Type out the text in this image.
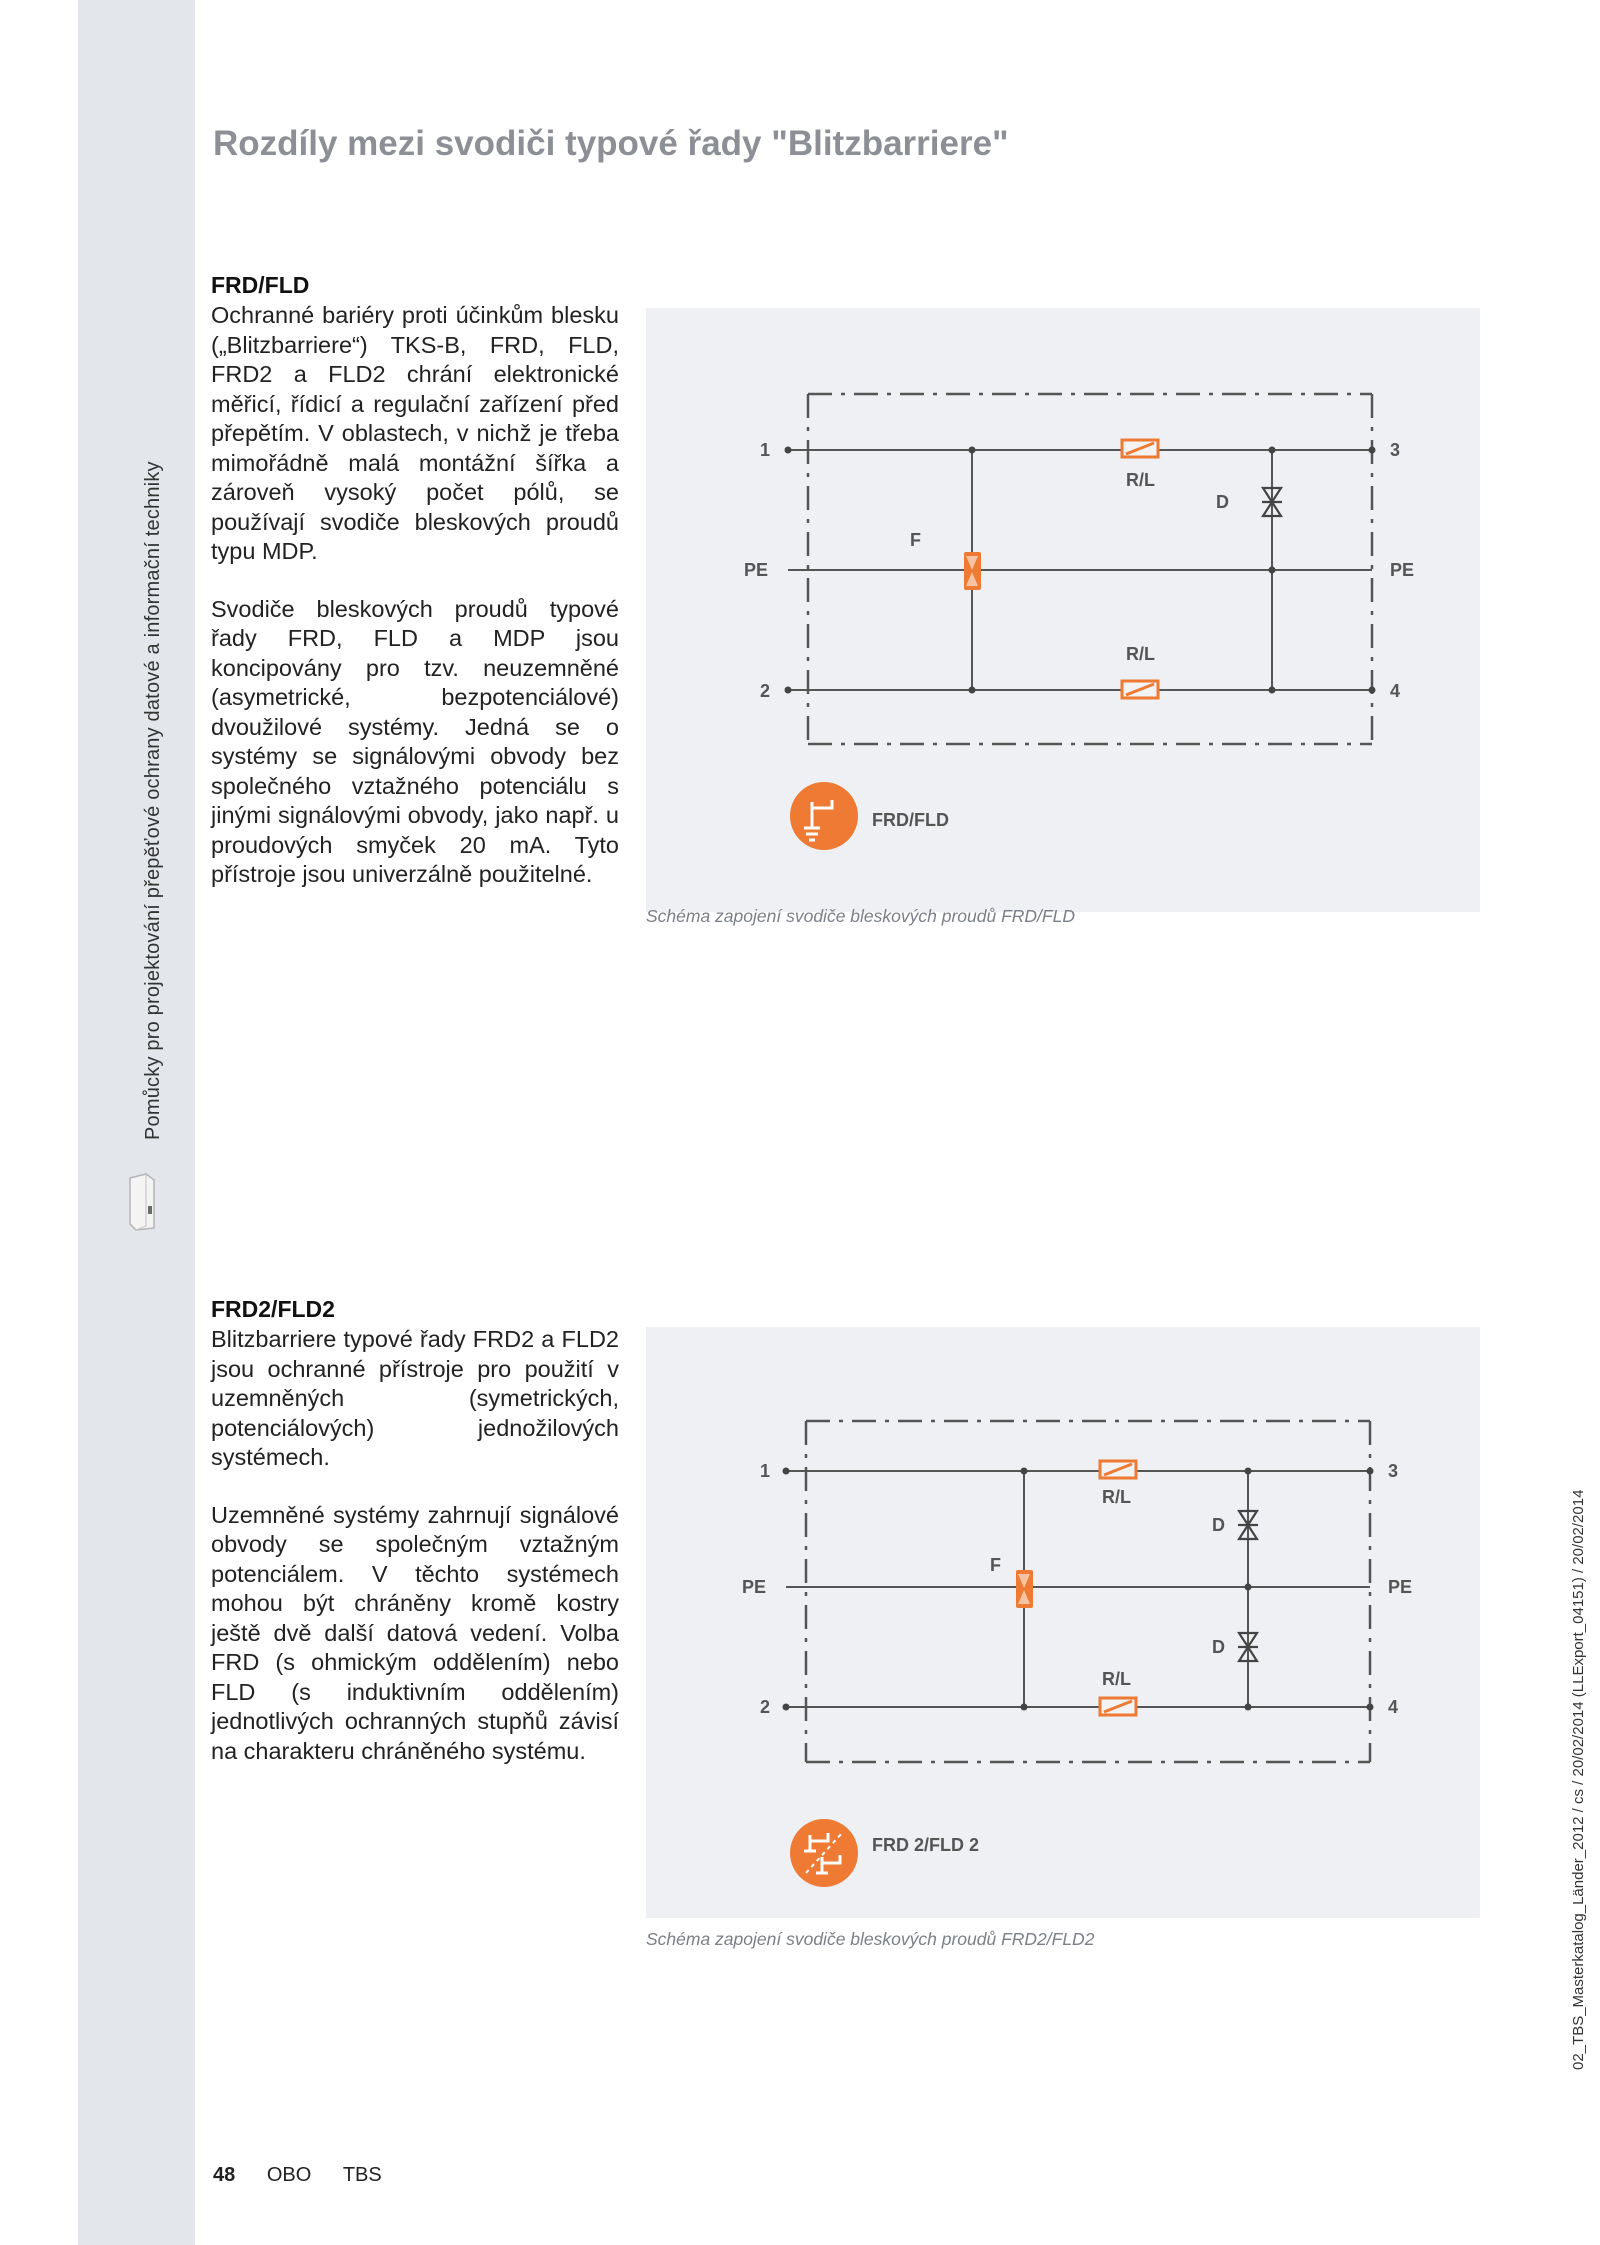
Pomůcky pro projektování přepěťové ochrany datové a informační techniky
02_TBS_Masterkatalog_Länder_2012 / cs / 20/02/2014 (LLExport_04151) / 20/02/2014
Rozdíly mezi svodiči typové řady "Blitzbarriere"
FRD/FLD

Ochranné bariéry proti účinkům blesku („Blitzbarriere“) TKS-B, FRD, FLD, FRD2 a FLD2 chrání elektronické měřicí, řídicí a regulační zařízení před přepětím. V oblastech, v nichž je třeba mimořádně malá montážní šířka a zároveň vysoký počet pólů, se používají svodiče bleskových proudů typu MDP.

Svodiče bleskových proudů typové řady FRD, FLD a MDP jsou koncipovány pro tzv. neuzemněné (asymetrické, bezpotenciálové) dvoužilové systémy. Jedná se o systémy se signálovými obvody bez společného vztažného potenciálu s jinými signálovými obvody, jako např. u proudových smyček 20 mA. Tyto přístroje jsou univerzálně použitelné.

1
2
3
4
PE	PE
F
R/L
R/L
D
FRD/FLD
Schéma zapojení svodiče bleskových proudů FRD/FLD
FRD2/FLD2

Blitzbarriere typové řady FRD2 a FLD2 jsou ochranné přístroje pro použití v uzemněných (symetrických, potenciálových) jednožilových systémech.

Uzemněné systémy zahrnují signálové obvody se společným vztažným potenciálem. V těchto systémech mohou být chráněny kromě kostry ještě dvě další datová vedení. Volba FRD (s ohmickým oddělením) nebo FLD (s induktivním oddělením) jednotlivých ochranných stupňů závisí na charakteru chráněného systému.

1
2
3
4
PE	PE
F
R/L
R/L
D
D
FRD 2/FLD 2
Schéma zapojení svodiče bleskových proudů FRD2/FLD2
48 OBO TBS
